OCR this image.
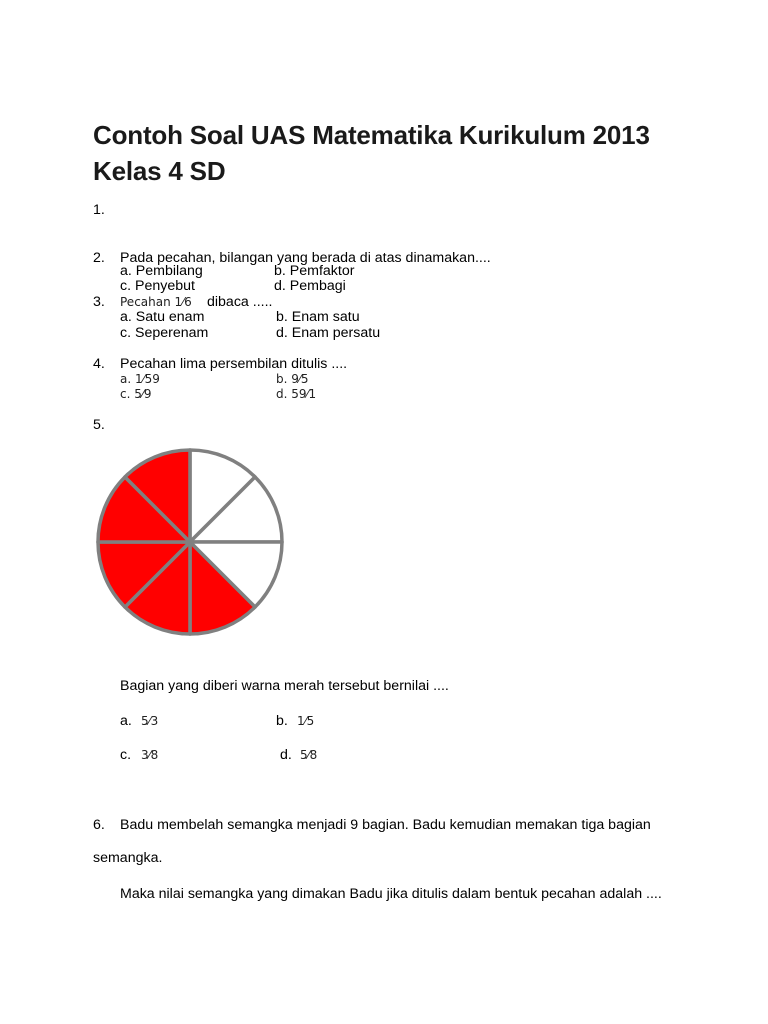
Contoh Soal UAS Matematika Kurikulum 2013
Kelas 4 SD
1.
2. Pada pecahan, bilangan yang berada di atas dinamakan....
a. Pembilang	b. Pemfaktor
c. Penyebut	d. Pembagi
3. Pecahan 1⁄6 dibaca .....
a. Satu enam	b. Enam satu
c. Seperenam	d. Enam persatu
4. Pecahan lima persembilan ditulis ....
a. 1⁄59	b. 9⁄5
c. 5⁄9	d. 59⁄1
5.
Bagian yang diberi warna merah tersebut bernilai ....
a. 5⁄3	b. 1⁄5
c. 3⁄8	d. 5⁄8
6. Badu membelah semangka menjadi 9 bagian. Badu kemudian memakan tiga bagian
semangka.
Maka nilai semangka yang dimakan Badu jika ditulis dalam bentuk pecahan adalah ....
